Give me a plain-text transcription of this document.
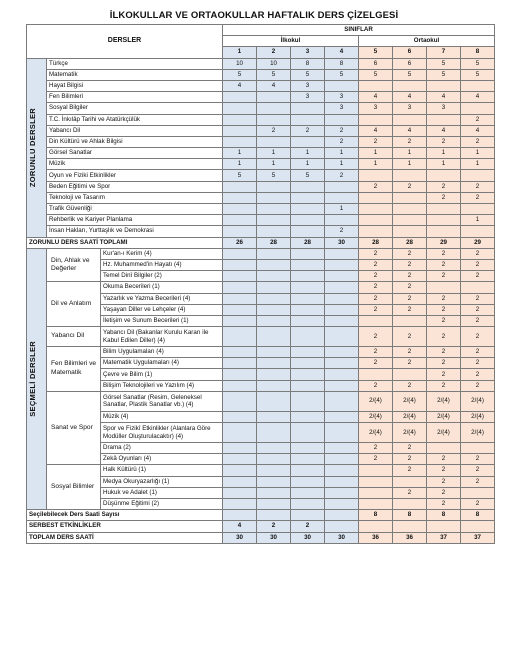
İLKOKULLAR VE ORTAOKULLAR HAFTALIK DERS ÇİZELGESİ
DERSLER			SINIFLAR							
			İlkokul				Ortaokul			
			1	2	3	4	5	6	7	8

ZORUNLU DERSLER	Türkçe		10	10	8	8	6	6	5	5
	Matematik		5	5	5	5	5	5	5	5
	Hayat Bilgisi		4	4	3					
	Fen Bilimleri				3	3	4	4	4	4
	Sosyal Bilgiler					3	3	3	3	
	T.C. İnkılâp Tarihi ve Atatürkçülük									2
	Yabancı Dil			2	2	2	4	4	4	4
	Din Kültürü ve Ahlak Bilgisi					2	2	2	2	2
	Görsel Sanatlar		1	1	1	1	1	1	1	1
	Müzik		1	1	1	1	1	1	1	1
	Oyun ve Fiziki Etkinlikler		5	5	5	2				
	Beden Eğitimi ve Spor						2	2	2	2
	Teknoloji ve Tasarım								2	2
	Trafik Güvenliği					1				
	Rehberlik ve Kariyer Planlama									1
	İnsan Hakları, Yurttaşlık ve Demokrasi					2				
ZORUNLU DERS SAATİ TOPLAMI			26	28	28	30	28	28	29	29

SEÇMELİ DERSLER	Din, Ahlak ve Değerler	Kur'an-ı Kerim (4)					2	2	2	2
		Hz. Muhammed'in Hayatı (4)					2	2	2	2
		Temel Dinî Bilgiler (2)					2	2	2	2
	Dil ve Anlatım	Okuma Becerileri (1)					2	2		
		Yazarlık ve Yazma Becerileri (4)					2	2	2	2
		Yaşayan Diller ve Lehçeler (4)					2	2	2	2
		İletişim ve Sunum Becerileri (1)							2	2
	Yabancı Dil	Yabancı Dil (Bakanlar Kurulu Kararı ile Kabul Edilen Diller) (4)					2	2	2	2
	Fen Bilimleri ve Matematik	Bilim Uygulamaları (4)					2	2	2	2
		Matematik Uygulamaları (4)					2	2	2	2
		Çevre ve Bilim (1)							2	2
		Bilişim Teknolojileri ve Yazılım (4)					2	2	2	2
	Sanat ve Spor	Görsel Sanatlar (Resim, Geleneksel Sanatlar, Plastik Sanatlar vb.) (4)					2/(4)	2/(4)	2/(4)	2/(4)
		Müzik (4)					2/(4)	2/(4)	2/(4)	2/(4)
		Spor ve Fizikî Etkinlikler (Alanlara Göre Modüller Oluşturulacaktır) (4)					2/(4)	2/(4)	2/(4)	2/(4)
		Drama (2)					2	2		
		Zekâ Oyunları (4)					2	2	2	2
	Sosyal Bilimler	Halk Kültürü (1)						2	2	2
		Medya Okuryazarlığı (1)							2	2
		Hukuk ve Adalet (1)						2	2	
		Düşünme Eğitimi (2)							2	2
Seçilebilecek Ders Saati Sayısı							8	8	8	8
SERBEST ETKİNLİKLER			4	2	2					
TOPLAM DERS SAATİ			30	30	30	30	36	36	37	37
